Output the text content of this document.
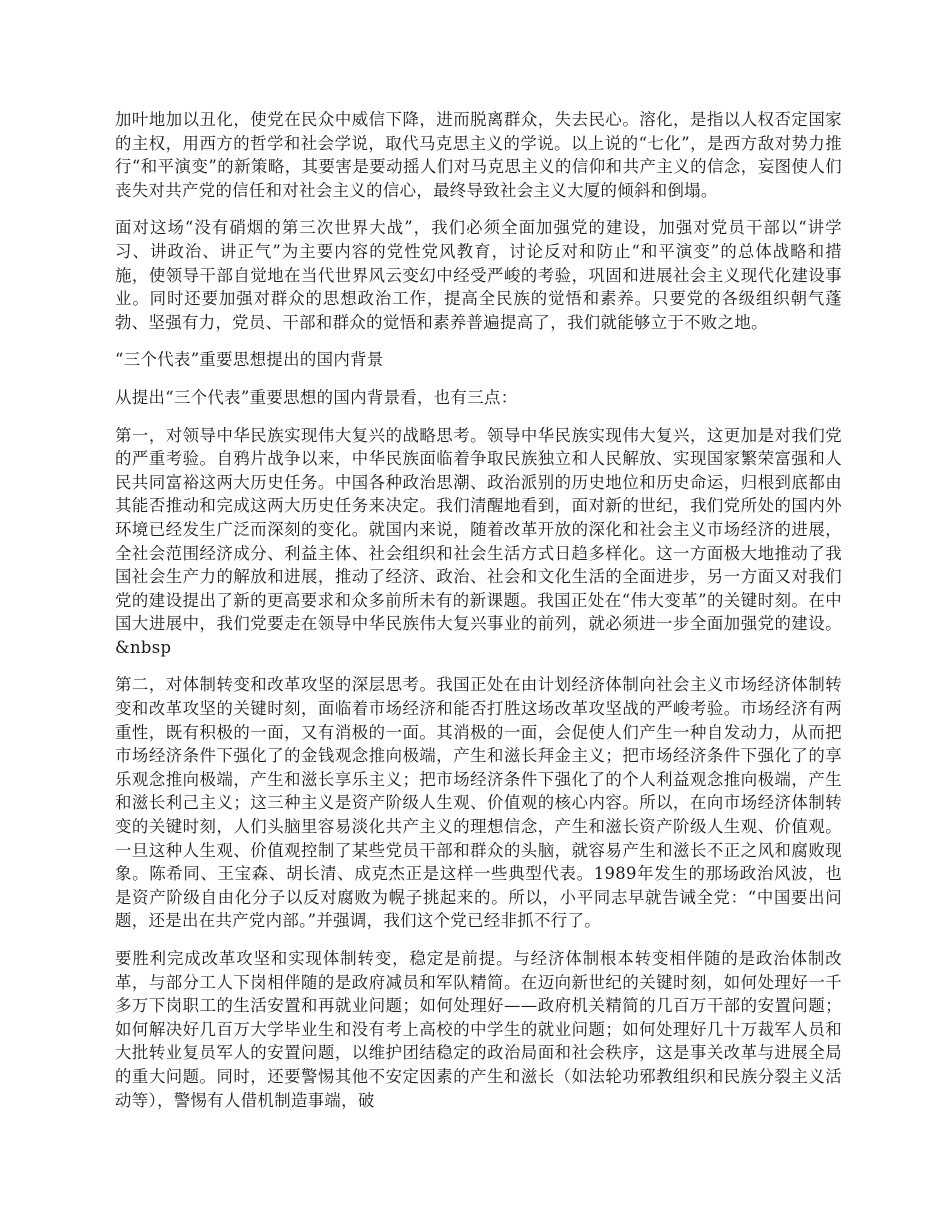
加叶地加以丑化，使党在民众中威信下降，进而脱离群众，失去民心。溶化，是指以人权否定国家的主权，用西方的哲学和社会学说，取代马克思主义的学说。以上说的“七化”，是西方敌对势力推行“和平演变”的新策略，其要害是要动摇人们对马克思主义的信仰和共产主义的信念，妄图使人们丧失对共产党的信任和对社会主义的信心，最终导致社会主义大厦的倾斜和倒塌。

面对这场“没有硝烟的第三次世界大战”，我们必须全面加强党的建设，加强对党员干部以“讲学习、讲政治、讲正气”为主要内容的党性党风教育，讨论反对和防止“和平演变”的总体战略和措施，使领导干部自觉地在当代世界风云变幻中经受严峻的考验，巩固和进展社会主义现代化建设事业。同时还要加强对群众的思想政治工作，提高全民族的觉悟和素养。只要党的各级组织朝气蓬勃、坚强有力，党员、干部和群众的觉悟和素养普遍提高了，我们就能够立于不败之地。

“三个代表”重要思想提出的国内背景

从提出“三个代表”重要思想的国内背景看，也有三点：

第一，对领导中华民族实现伟大复兴的战略思考。领导中华民族实现伟大复兴，这更加是对我们党的严重考验。自鸦片战争以来，中华民族面临着争取民族独立和人民解放、实现国家繁荣富强和人民共同富裕这两大历史任务。中国各种政治思潮、政治派别的历史地位和历史命运，归根到底都由其能否推动和完成这两大历史任务来决定。我们清醒地看到，面对新的世纪，我们党所处的国内外环境已经发生广泛而深刻的变化。就国内来说，随着改革开放的深化和社会主义市场经济的进展，全社会范围经济成分、利益主体、社会组织和社会生活方式日趋多样化。这一方面极大地推动了我国社会生产力的解放和进展，推动了经济、政治、社会和文化生活的全面进步，另一方面又对我们党的建设提出了新的更高要求和众多前所未有的新课题。我国正处在“伟大变革”的关键时刻。在中国大进展中，我们党要走在领导中华民族伟大复兴事业的前列，就必须进一步全面加强党的建设。 &nbsp

第二，对体制转变和改革攻坚的深层思考。我国正处在由计划经济体制向社会主义市场经济体制转变和改革攻坚的关键时刻，面临着市场经济和能否打胜这场改革攻坚战的严峻考验。市场经济有两重性，既有积极的一面，又有消极的一面。其消极的一面，会促使人们产生一种自发动力，从而把市场经济条件下强化了的金钱观念推向极端，产生和滋长拜金主义；把市场经济条件下强化了的享乐观念推向极端，产生和滋长享乐主义；把市场经济条件下强化了的个人利益观念推向极端，产生和滋长利己主义；这三种主义是资产阶级人生观、价值观的核心内容。所以，在向市场经济体制转变的关键时刻，人们头脑里容易淡化共产主义的理想信念，产生和滋长资产阶级人生观、价值观。一旦这种人生观、价值观控制了某些党员干部和群众的头脑，就容易产生和滋长不正之风和腐败现象。陈希同、王宝森、胡长清、成克杰正是这样一些典型代表。1989年发生的那场政治风波，也是资产阶级自由化分子以反对腐败为幌子挑起来的。所以，小平同志早就告诫全党：“中国要出问题，还是出在共产党内部。”并强调，我们这个党已经非抓不行了。

要胜利完成改革攻坚和实现体制转变，稳定是前提。与经济体制根本转变相伴随的是政治体制改革，与部分工人下岗相伴随的是政府减员和军队精简。在迈向新世纪的关键时刻，如何处理好一千多万下岗职工的生活安置和再就业问题；如何处理好——政府机关精简的几百万干部的安置问题；如何解决好几百万大学毕业生和没有考上高校的中学生的就业问题；如何处理好几十万裁军人员和大批转业复员军人的安置问题，以维护团结稳定的政治局面和社会秩序，这是事关改革与进展全局的重大问题。同时，还要警惕其他不安定因素的产生和滋长（如法轮功邪教组织和民族分裂主义活动等），警惕有人借机制造事端，破
